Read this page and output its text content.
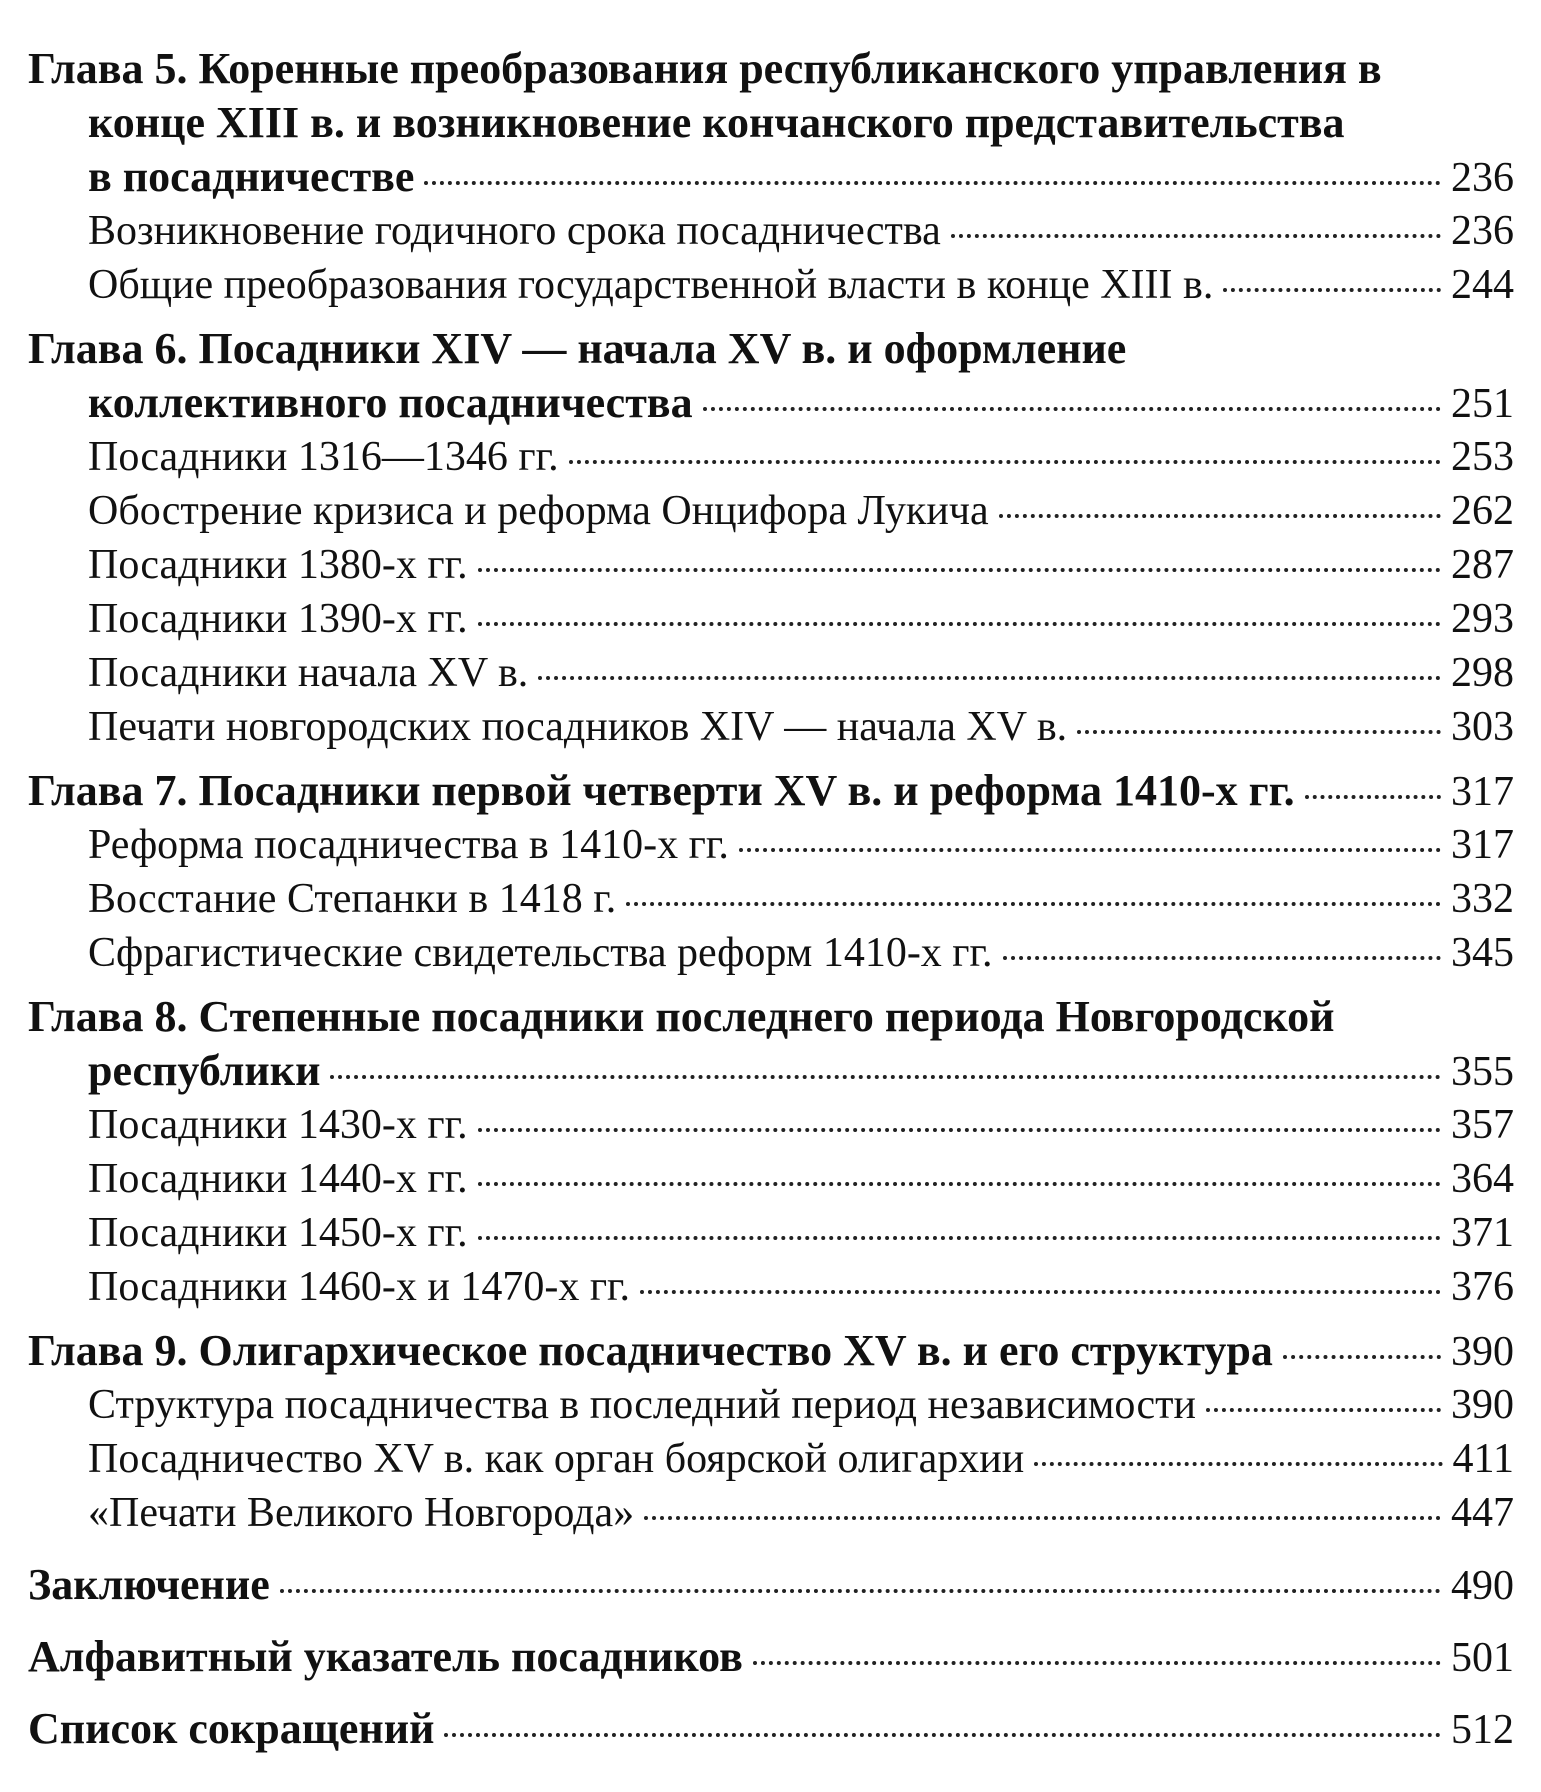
Глава 5. Коренные преобразования республиканского управления в
конце XIII в. и возникновение кончанского представительства
в посадничестве	236
Возникновение годичного срока посадничества	236
Общие преобразования государственной власти в конце XIII в.	244
Глава 6. Посадники XIV — начала XV в. и оформление
коллективного посадничества	251
Посадники 1316—1346 гг.	253
Обострение кризиса и реформа Онцифора Лукича	262
Посадники 1380-х гг.	287
Посадники 1390-х гг.	293
Посадники начала XV в.	298
Печати новгородских посадников XIV — начала XV в.	303
Глава 7. Посадники первой четверти XV в. и реформа 1410-х гг.	317
Реформа посадничества в 1410-х гг.	317
Восстание Степанки в 1418 г.	332
Сфрагистические свидетельства реформ 1410-х гг.	345
Глава 8. Степенные посадники последнего периода Новгородской
республики	355
Посадники 1430-х гг.	357
Посадники 1440-х гг.	364
Посадники 1450-х гг.	371
Посадники 1460-х и 1470-х гг.	376
Глава 9. Олигархическое посадничество XV в. и его структура	390
Структура посадничества в последний период независимости	390
Посадничество XV в. как орган боярской олигархии	411
«Печати Великого Новгорода»	447
Заключение	490
Алфавитный указатель посадников	501
Список сокращений	512
